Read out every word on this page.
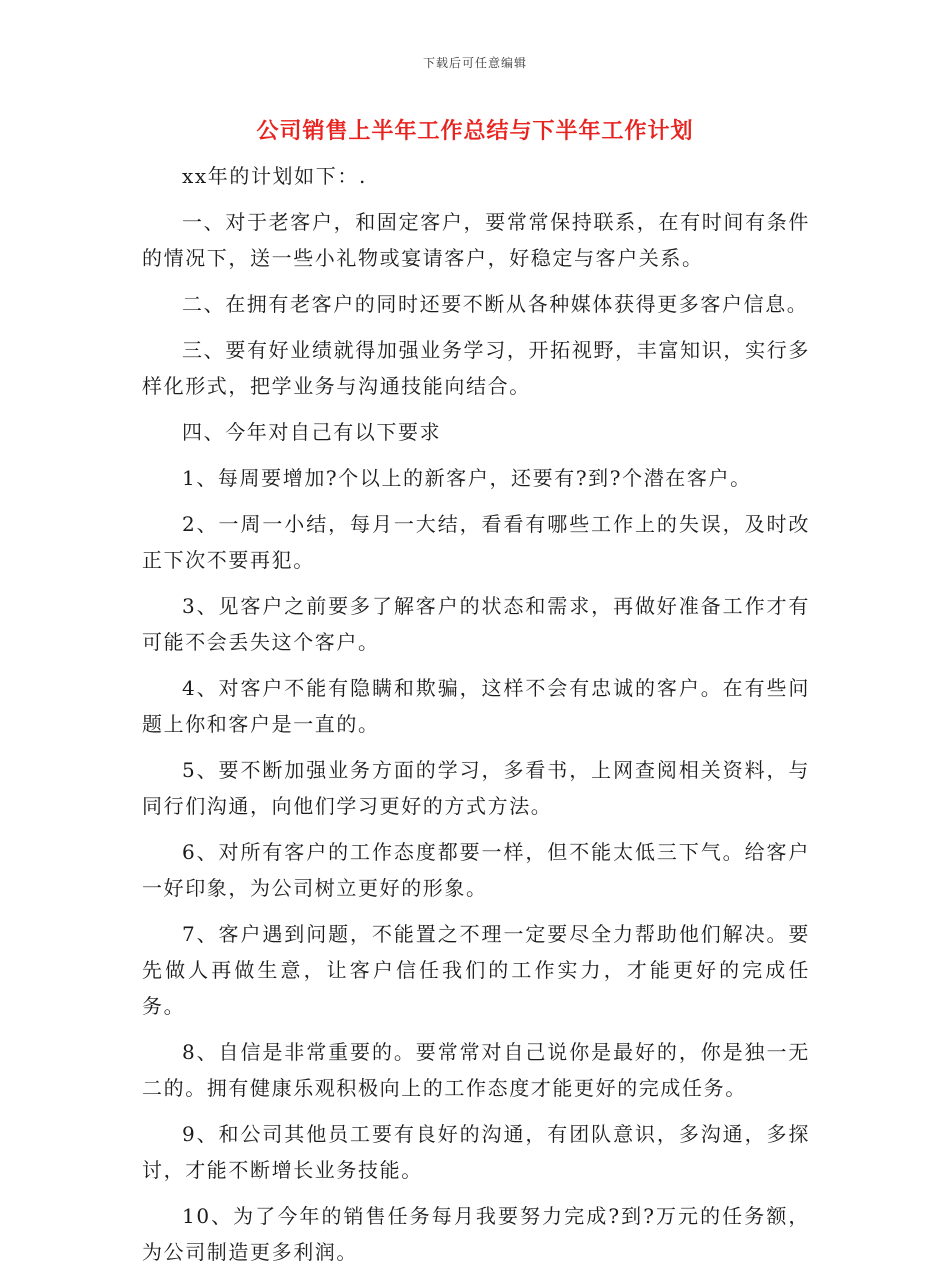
下载后可任意编辑
公司销售上半年工作总结与下半年工作计划

xx年的计划如下：.

一、对于老客户，和固定客户，要常常保持联系，在有时间有条件的情况下，送一些小礼物或宴请客户，好稳定与客户关系。

二、在拥有老客户的同时还要不断从各种媒体获得更多客户信息。

三、要有好业绩就得加强业务学习，开拓视野，丰富知识，实行多样化形式，把学业务与沟通技能向结合。

四、今年对自己有以下要求

1、每周要增加?个以上的新客户，还要有?到?个潜在客户。

2、一周一小结，每月一大结，看看有哪些工作上的失误，及时改正下次不要再犯。

3、见客户之前要多了解客户的状态和需求，再做好准备工作才有可能不会丢失这个客户。

4、对客户不能有隐瞒和欺骗，这样不会有忠诚的客户。在有些问题上你和客户是一直的。

5、要不断加强业务方面的学习，多看书，上网查阅相关资料，与同行们沟通，向他们学习更好的方式方法。

6、对所有客户的工作态度都要一样，但不能太低三下气。给客户一好印象，为公司树立更好的形象。

7、客户遇到问题，不能置之不理一定要尽全力帮助他们解决。要先做人再做生意，让客户信任我们的工作实力，才能更好的完成任务。

8、自信是非常重要的。要常常对自己说你是最好的，你是独一无二的。拥有健康乐观积极向上的工作态度才能更好的完成任务。

9、和公司其他员工要有良好的沟通，有团队意识，多沟通，多探讨，才能不断增长业务技能。

10、为了今年的销售任务每月我要努力完成?到?万元的任务额，为公司制造更多利润。
